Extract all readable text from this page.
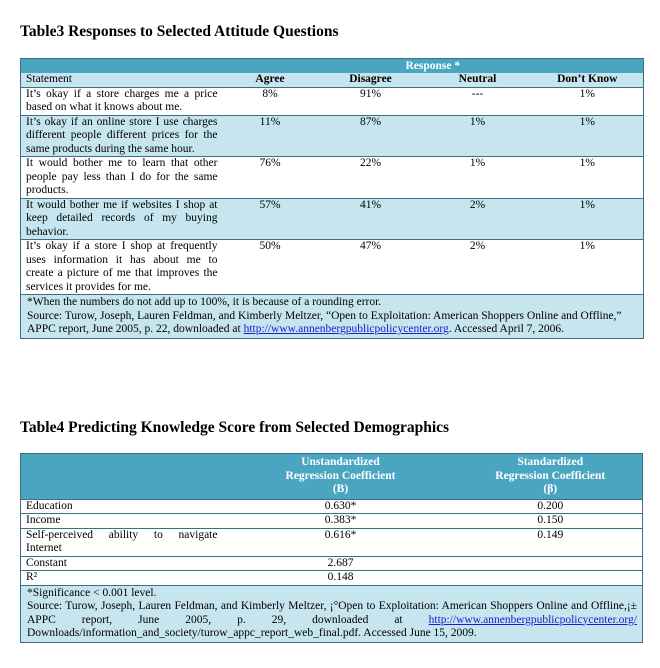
Table3 Responses to Selected Attitude Questions
	Response *			
Statement	Agree	Disagree	Neutral	Don’t Know
It’s okay if a store charges me a price based on what it knows about me.	8%	91%	---	1%
It’s okay if an online store I use charges different people different prices for the same products during the same hour.	11%	87%	1%	1%
It would bother me to learn that other people pay less than I do for the same products.	76%	22%	1%	1%
It would bother me if websites I shop at keep detailed records of my buying behavior.	57%	41%	2%	1%
It’s okay if a store I shop at frequently uses information it has about me to create a picture of me that improves the services it provides for me.	50%	47%	2%	1%

*When the numbers do not add up to 100%, it is because of a rounding error.
Source: Turow, Joseph, Lauren Feldman, and Kimberly Meltzer, “Open to Exploitation: American Shoppers Online and Offline,” APPC report, June 2005, p. 22, downloaded at http://www.annenbergpublicpolicycenter.org. Accessed April 7, 2006.				
Table4 Predicting Knowledge Score from Selected Demographics

	Unstandardized Regression Coefficient (B)	Standardized Regression Coefficient (β)

Education	0.630*	0.200
Income	0.383*	0.150
Self-perceived ability to navigate Internet	0.616*	0.149
Constant	2.687	
R²	0.148	

*Significance < 0.001 level.
Source: Turow, Joseph, Lauren Feldman, and Kimberly Meltzer, ¡°Open to Exploitation: American Shoppers Online and Offline,¡± APPC report, June 2005, p. 29, downloaded at http://www.annenbergpublicpolicycenter.org/ Downloads/information_and_society/turow_appc_report_web_final.pdf. Accessed June 15, 2009.		
